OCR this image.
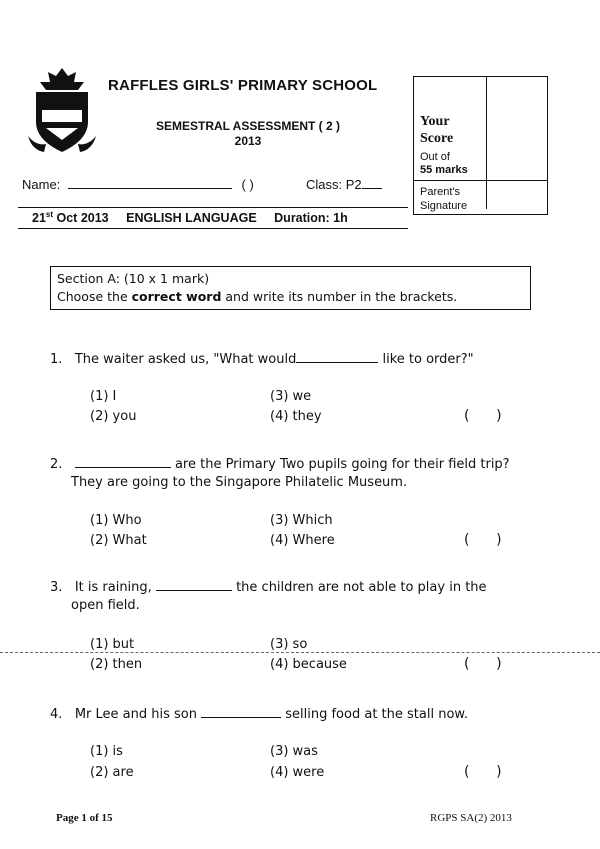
RAFFLES GIRLS' PRIMARY SCHOOL
SEMESTRAL ASSESSMENT ( 2 )
2013
Name:	( )	Class: P2
21st Oct 2013 ENGLISH LANGUAGE Duration: 1h
Your
Score
Out of
55 marks
Parent's
Signature
Section A: (10 x 1 mark)
Choose the correct word and write its number in the brackets.
1. The waiter asked us, "What would	like to order?"
(1) I
(2) you
(3) we
(4) they	(      )
2.	are the Primary Two pupils going for their field trip?
They are going to the Singapore Philatelic Museum.
(1) Who
(2) What
(3) Which
(4) Where	(      )
3. It is raining,	the children are not able to play in the
open field.
(1) but
(2) then
(3) so
(4) because	(      )
4. Mr Lee and his son	selling food at the stall now.
(1) is
(2) are
(3) was
(4) were	(      )
Page 1 of 15	RGPS SA(2) 2013
